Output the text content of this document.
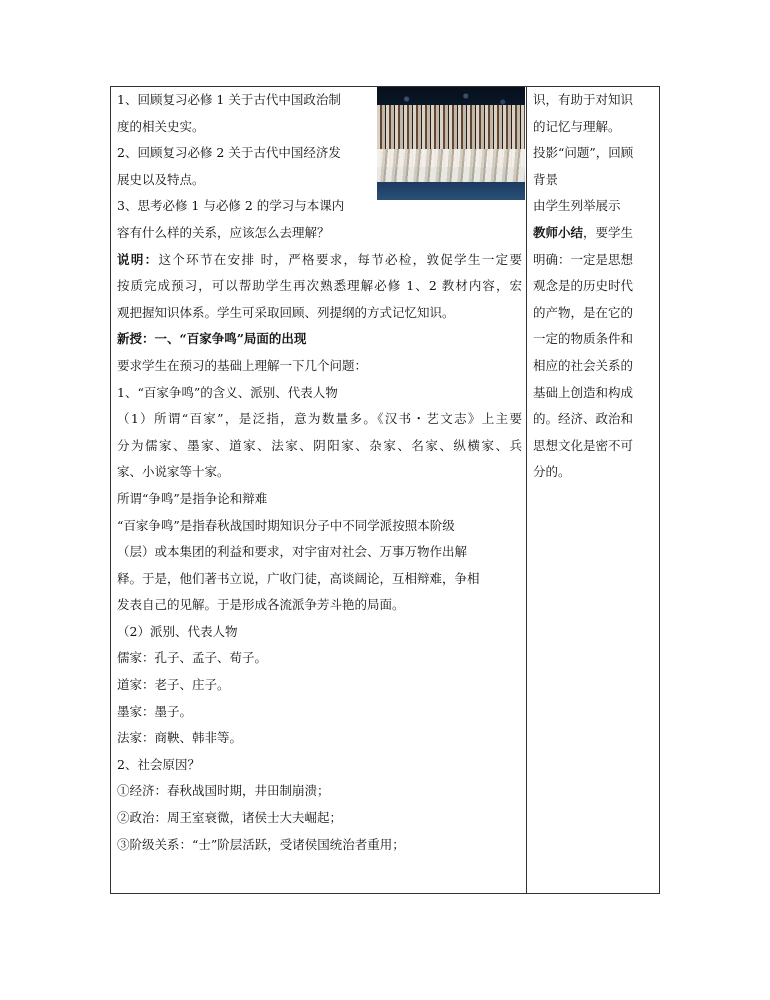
1、回顾复习必修 1 关于古代中国政治制
度的相关史实。
2、回顾复习必修 2 关于古代中国经济发
展史以及特点。
3、思考必修 1 与必修 2 的学习与本课内
容有什么样的关系，应该怎么去理解？
说明：这个环节在安排 时，严格要求，每节必检，敦促学生一定要
按质完成预习，可以帮助学生再次熟悉理解必修 1、2 教材内容，宏
观把握知识体系。学生可采取回顾、列提纲的方式记忆知识。
新授：一、“百家争鸣”局面的出现
要求学生在预习的基础上理解一下几个问题：
1、“百家争鸣”的含义、派别、代表人物
（1）所谓“百家”，是泛指，意为数量多。《汉书・艺文志》上主要
分为儒家、墨家、道家、法家、阴阳家、杂家、名家、纵横家、兵
家、小说家等十家。
所谓“争鸣”是指争论和辩难
“百家争鸣”是指春秋战国时期知识分子中不同学派按照本阶级
（层）或本集团的利益和要求，对宇宙对社会、万事万物作出解
释。于是，他们著书立说，广收门徒，高谈阔论，互相辩难，争相
发表自己的见解。于是形成各流派争芳斗艳的局面。
（2）派别、代表人物
儒家：孔子、孟子、荀子。
道家：老子、庄子。
墨家：墨子。
法家：商鞅、韩非等。
2、社会原因？
①经济：春秋战国时期，井田制崩溃；
②政治：周王室衰微，诸侯士大夫崛起；
③阶级关系：“士”阶层活跃，受诸侯国统治者重用；
识，有助于对知识
的记忆与理解。
投影“问题”，回顾
背景
由学生列举展示
教师小结，要学生
明确：一定是思想
观念是的历史时代
的产物，是在它的
一定的物质条件和
相应的社会关系的
基础上创造和构成
的。经济、政治和
思想文化是密不可
分的。
